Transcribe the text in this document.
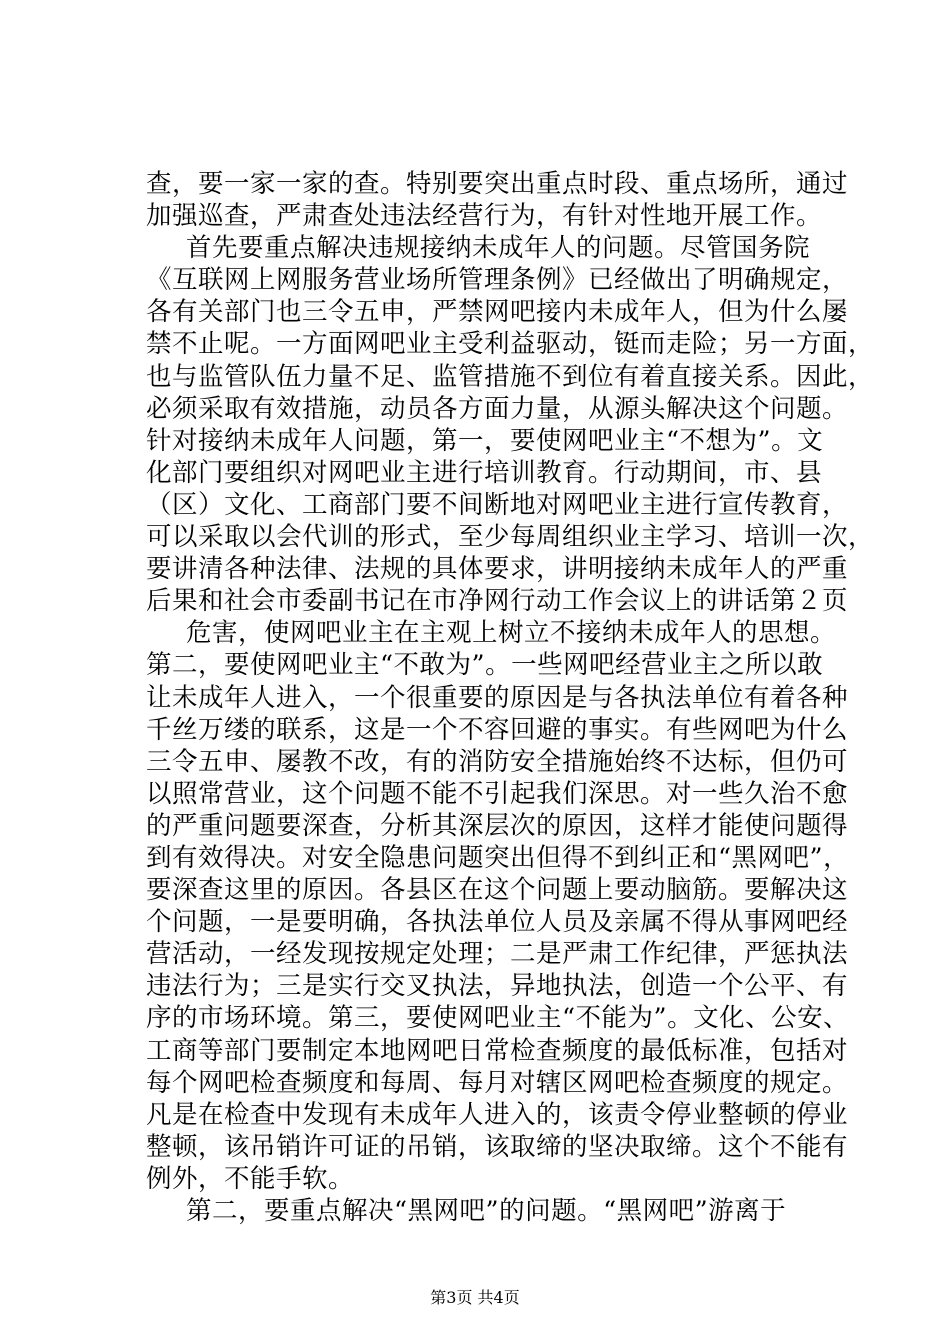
查，要一家一家的查。特别要突出重点时段、重点场所，通过
加强巡查，严肃查处违法经营行为，有针对性地开展工作。
首先要重点解决违规接纳未成年人的问题。尽管国务院
《互联网上网服务营业场所管理条例》已经做出了明确规定，
各有关部门也三令五申，严禁网吧接内未成年人，但为什么屡
禁不止呢。一方面网吧业主受利益驱动，铤而走险；另一方面，
也与监管队伍力量不足、监管措施不到位有着直接关系。因此，
必须采取有效措施，动员各方面力量，从源头解决这个问题。
针对接纳未成年人问题，第一，要使网吧业主“不想为”。文
化部门要组织对网吧业主进行培训教育。行动期间，市、县
（区）文化、工商部门要不间断地对网吧业主进行宣传教育，
可以采取以会代训的形式，至少每周组织业主学习、培训一次，
要讲清各种法律、法规的具体要求，讲明接纳未成年人的严重
后果和社会市委副书记在市净网行动工作会议上的讲话第２页
危害，使网吧业主在主观上树立不接纳未成年人的思想。
第二，要使网吧业主“不敢为”。一些网吧经营业主之所以敢
让未成年人进入，一个很重要的原因是与各执法单位有着各种
千丝万缕的联系，这是一个不容回避的事实。有些网吧为什么
三令五申、屡教不改，有的消防安全措施始终不达标，但仍可
以照常营业，这个问题不能不引起我们深思。对一些久治不愈
的严重问题要深查，分析其深层次的原因，这样才能使问题得
到有效得决。对安全隐患问题突出但得不到纠正和“黑网吧”，
要深查这里的原因。各县区在这个问题上要动脑筋。要解决这
个问题，一是要明确，各执法单位人员及亲属不得从事网吧经
营活动，一经发现按规定处理；二是严肃工作纪律，严惩执法
违法行为；三是实行交叉执法，异地执法，创造一个公平、有
序的市场环境。第三，要使网吧业主“不能为”。文化、公安、
工商等部门要制定本地网吧日常检查频度的最低标准，包括对
每个网吧检查频度和每周、每月对辖区网吧检查频度的规定。
凡是在检查中发现有未成年人进入的，该责令停业整顿的停业
整顿，该吊销许可证的吊销，该取缔的坚决取缔。这个不能有
例外，不能手软。
第二，要重点解决“黑网吧”的问题。“黑网吧”游离于
第3页 共4页
